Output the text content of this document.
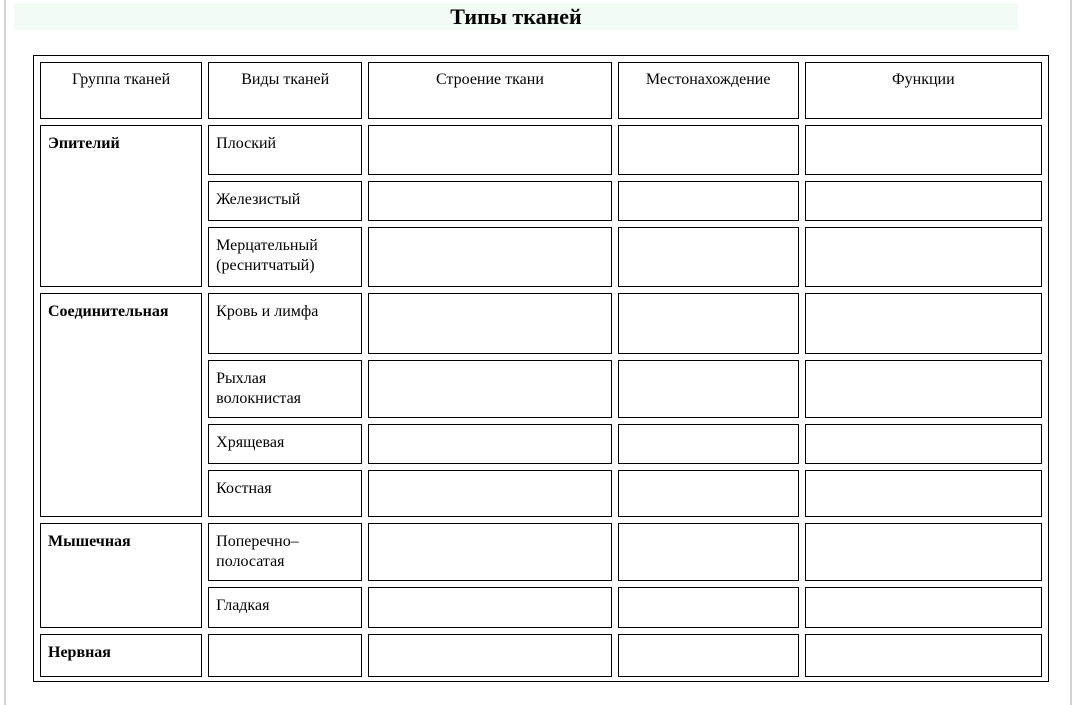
Типы тканей
Группа тканей	Виды тканей	Строение ткани	Местонахождение	Функции
Эпителий	Плоский			
	Железистый			
	Мерцательный (реснитчатый)			
Соединительная	Кровь и лимфа			
	Рыхлая волокнистая			
	Хрящевая			
	Костная			
Мышечная	Поперечно–полосатая			
	Гладкая			
Нервная				
